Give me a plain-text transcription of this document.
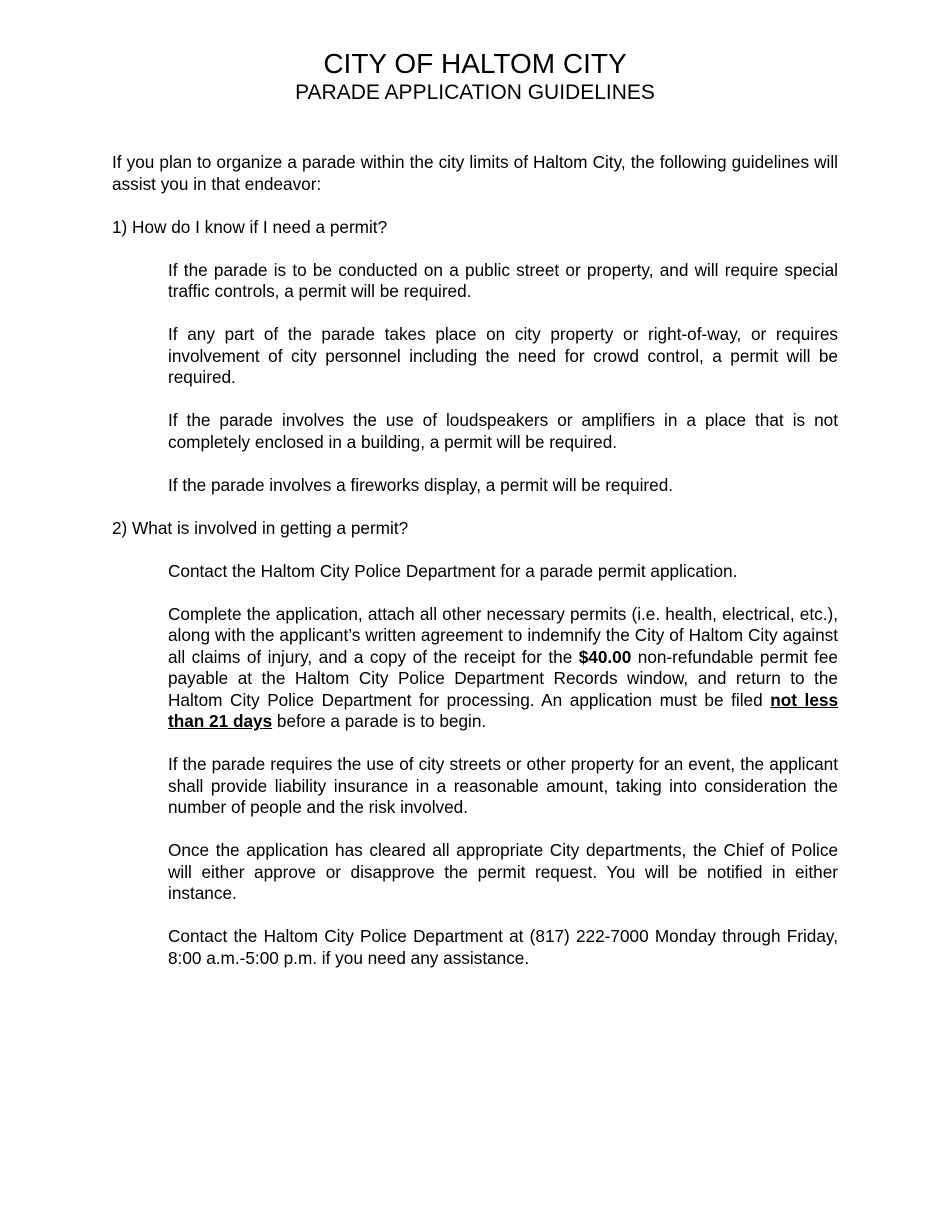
CITY OF HALTOM CITY
PARADE APPLICATION GUIDELINES

If you plan to organize a parade within the city limits of Haltom City, the following guidelines will assist you in that endeavor:

1) How do I know if I need a permit?

If the parade is to be conducted on a public street or property, and will require special traffic controls, a permit will be required.

If any part of the parade takes place on city property or right-of-way, or requires involvement of city personnel including the need for crowd control, a permit will be required.

If the parade involves the use of loudspeakers or amplifiers in a place that is not completely enclosed in a building, a permit will be required.

If the parade involves a fireworks display, a permit will be required.

2) What is involved in getting a permit?

Contact the Haltom City Police Department for a parade permit application.

Complete the application, attach all other necessary permits (i.e. health, electrical, etc.), along with the applicant’s written agreement to indemnify the City of Haltom City against all claims of injury, and a copy of the receipt for the $40.00 non-refundable permit fee payable at the Haltom City Police Department Records window, and return to the Haltom City Police Department for processing. An application must be filed not less than 21 days before a parade is to begin.

If the parade requires the use of city streets or other property for an event, the applicant shall provide liability insurance in a reasonable amount, taking into consideration the number of people and the risk involved.

Once the application has cleared all appropriate City departments, the Chief of Police will either approve or disapprove the permit request. You will be notified in either instance.

Contact the Haltom City Police Department at (817) 222-7000 Monday through Friday, 8:00 a.m.-5:00 p.m. if you need any assistance.
